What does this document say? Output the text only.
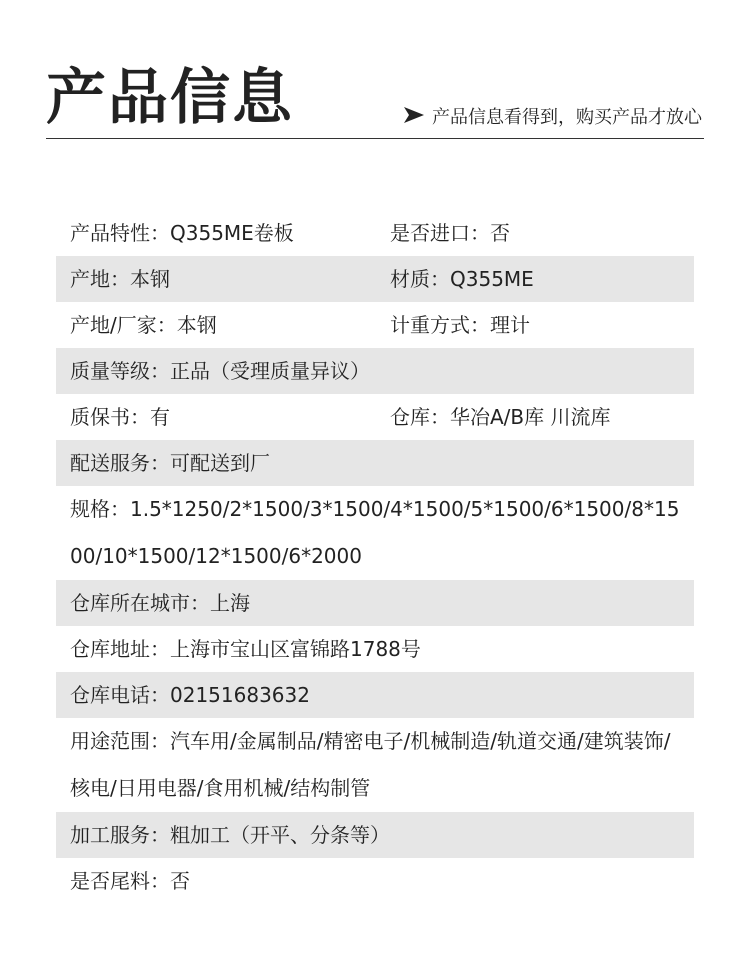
产品信息	产品信息看得到，购买产品才放心
产品特性：Q355ME卷板	是否进口：否
产地：本钢	材质：Q355ME
产地/厂家：本钢	计重方式：理计
质量等级：正品（受理质量异议）
质保书：有	仓库：华冶A/B库 川流库
配送服务：可配送到厂
规格：1.5*1250/2*1500/3*1500/4*1500/5*1500/6*1500/8*1500/10*1500/12*1500/6*2000
仓库所在城市：上海
仓库地址：上海市宝山区富锦路1788号
仓库电话：02151683632
用途范围：汽车用/金属制品/精密电子/机械制造/轨道交通/建筑装饰/核电/日用电器/食用机械/结构制管
加工服务：粗加工（开平、分条等）
是否尾料：否
